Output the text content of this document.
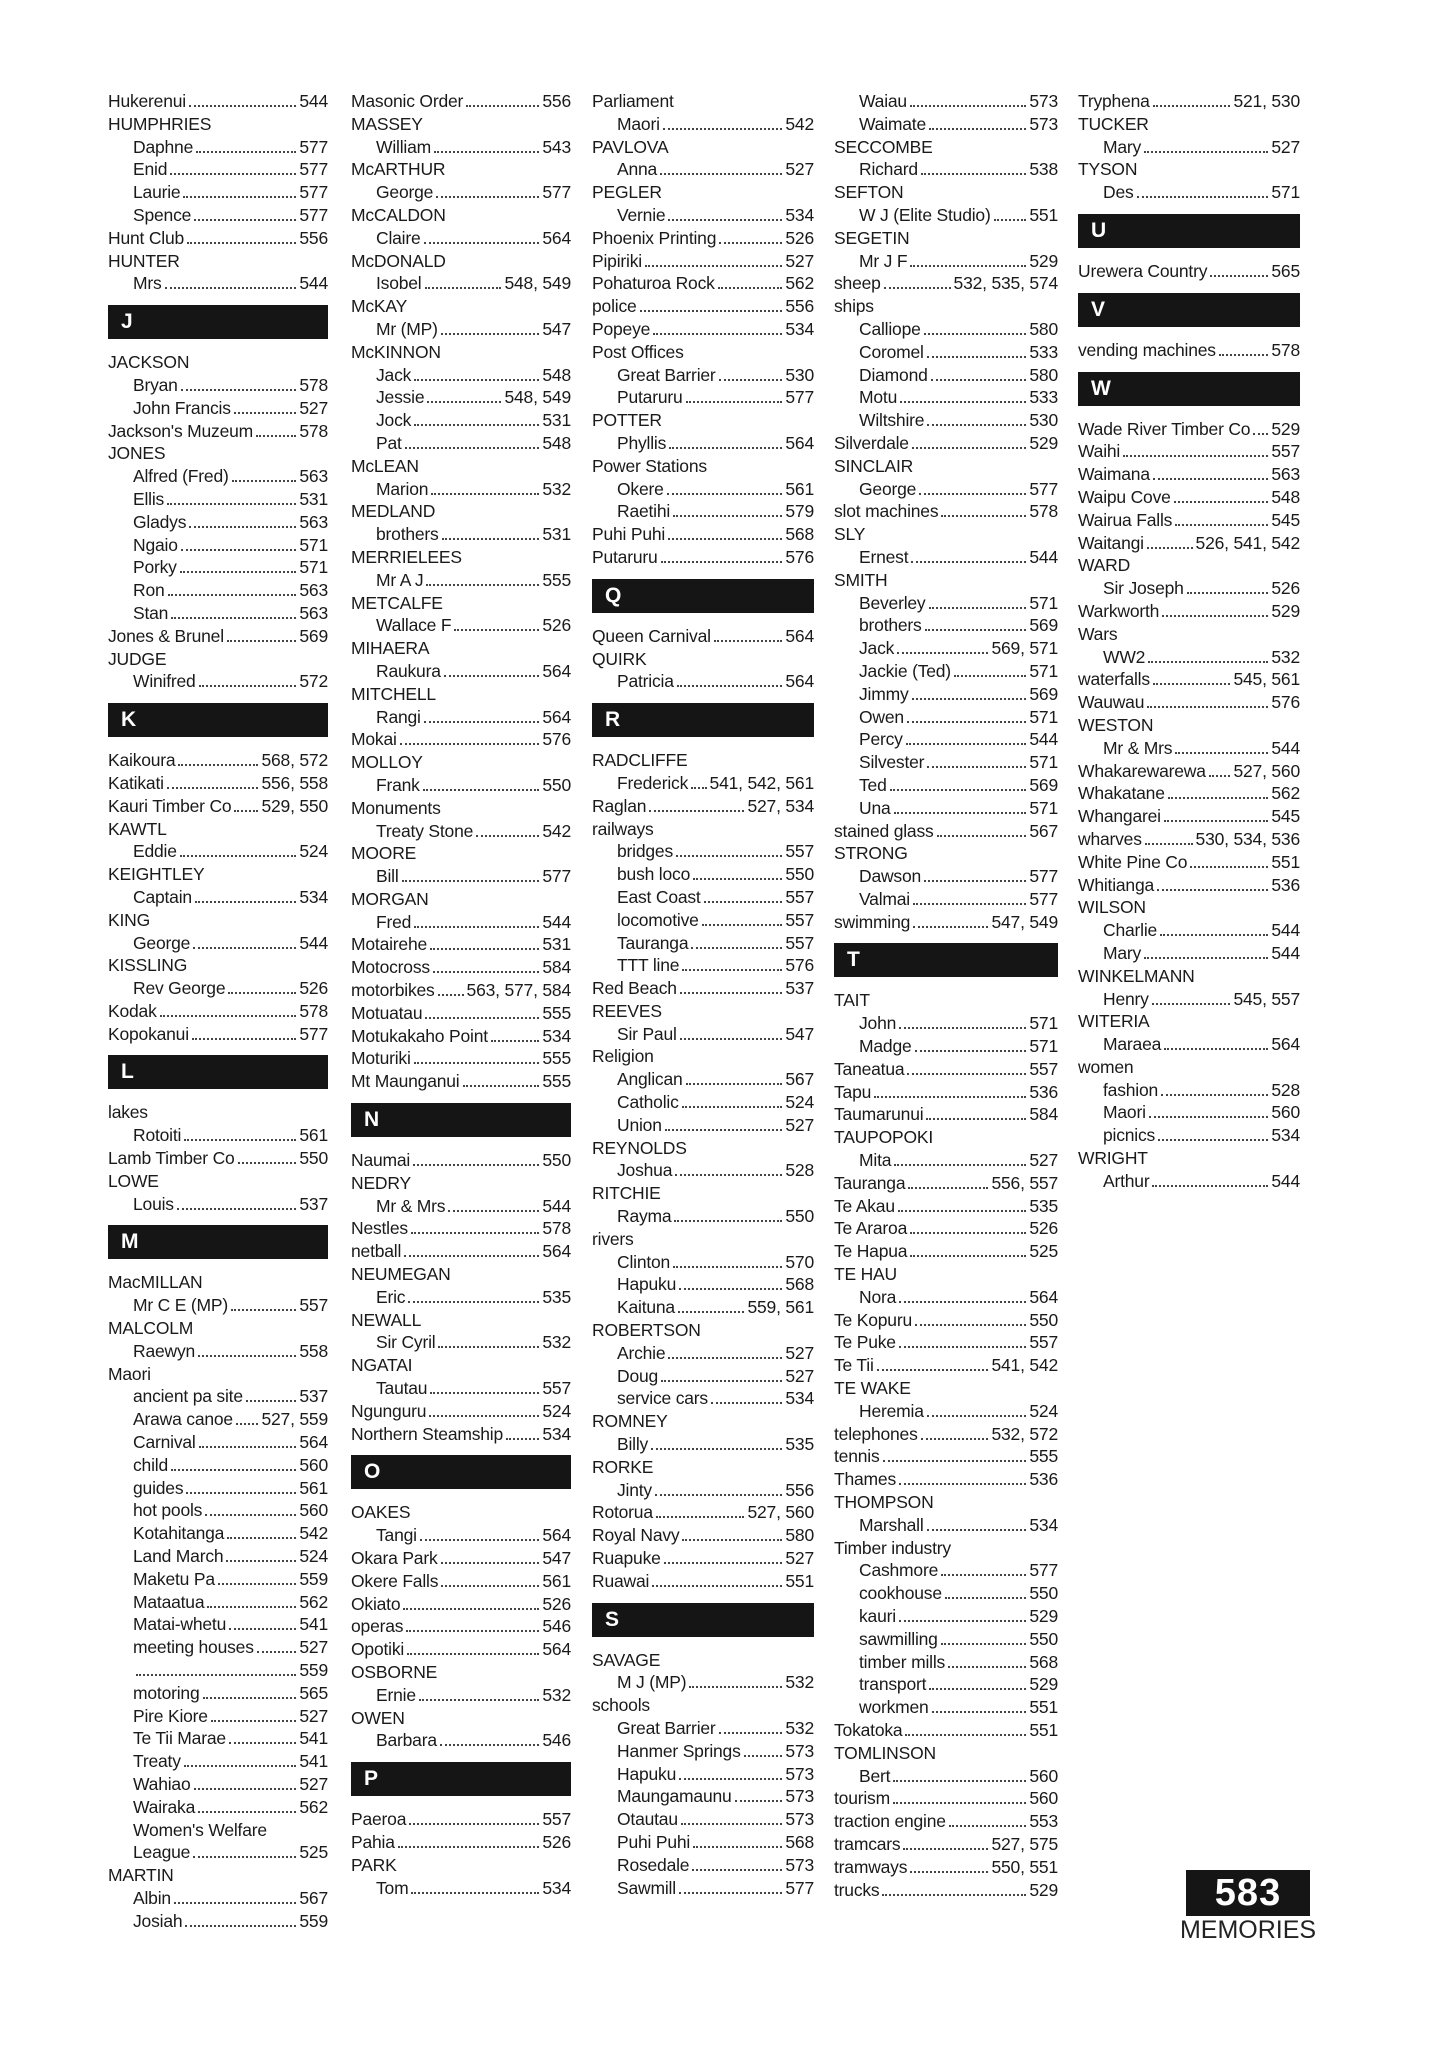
Hukerenui	544
HUMPHRIES
Daphne	577
Enid	577
Laurie	577
Spence	577
Hunt Club	556
HUNTER
Mrs	544
J
JACKSON
Bryan	578
John Francis	527
Jackson's Muzeum	578
JONES
Alfred (Fred)	563
Ellis	531
Gladys	563
Ngaio	571
Porky	571
Ron	563
Stan	563
Jones & Brunel	569
JUDGE
Winifred	572
K
Kaikoura	568, 572
Katikati	556, 558
Kauri Timber Co 529, 550
KAWTL
Eddie	524
KEIGHTLEY
Captain	534
KING
George	544
KISSLING
Rev George	526
Kodak	578
Kopokanui	577
L
lakes
Rotoiti	561
Lamb Timber Co	550
LOWE
Louis	537
M
MacMILLAN
Mr C E (MP)	557
MALCOLM
Raewyn	558
Maori
ancient pa site	537
Arawa canoe 527, 559
Carnival	564
child	560
guides	561
hot pools	560
Kotahitanga	542
Land March	524
Maketu Pa	559
Mataatua	562
Matai-whetu	541
meeting houses	527
559
motoring	565
Pire Kiore	527
Te Tii Marae	541
Treaty	541
Wahiao	527
Wairaka	562
Women's Welfare
League	525
MARTIN
Albin	567
Josiah	559
Masonic Order	556
MASSEY
William	543
McARTHUR
George	577
McCALDON
Claire	564
McDONALD
Isobel	548, 549
McKAY
Mr (MP)	547
McKINNON
Jack	548
Jessie	548, 549
Jock	531
Pat	548
McLEAN
Marion	532
MEDLAND
brothers	531
MERRIELEES
Mr A J	555
METCALFE
Wallace F	526
MIHAERA
Raukura	564
MITCHELL
Rangi	564
Mokai	576
MOLLOY
Frank	550
Monuments
Treaty Stone	542
MOORE
Bill	577
MORGAN
Fred	544
Motairehe	531
Motocross	584
motorbikes 563, 577, 584
Motuatau	555
Motukakaho Point	534
Moturiki	555
Mt Maunganui	555
N
Naumai	550
NEDRY
Mr & Mrs	544
Nestles	578
netball	564
NEUMEGAN
Eric	535
NEWALL
Sir Cyril	532
NGATAI
Tautau	557
Ngunguru	524
Northern Steamship 534
O
OAKES
Tangi	564
Okara Park	547
Okere Falls	561
Okiato	526
operas	546
Opotiki	564
OSBORNE
Ernie	532
OWEN
Barbara	546
P
Paeroa	557
Pahia	526
PARK
Tom	534
Parliament
Maori	542
PAVLOVA
Anna	527
PEGLER
Vernie	534
Phoenix Printing	526
Pipiriki	527
Pohaturoa Rock	562
police	556
Popeye	534
Post Offices
Great Barrier	530
Putaruru	577
POTTER
Phyllis	564
Power Stations
Okere	561
Raetihi	579
Puhi Puhi	568
Putaruru	576
Q
Queen Carnival	564
QUIRK
Patricia	564
R
RADCLIFFE
Frederick 541, 542, 561
Raglan	527, 534
railways
bridges	557
bush loco	550
East Coast	557
locomotive	557
Tauranga	557
TTT line	576
Red Beach	537
REEVES
Sir Paul	547
Religion
Anglican	567
Catholic	524
Union	527
REYNOLDS
Joshua	528
RITCHIE
Rayma	550
rivers
Clinton	570
Hapuku	568
Kaituna	559, 561
ROBERTSON
Archie	527
Doug	527
service cars	534
ROMNEY
Billy	535
RORKE
Jinty	556
Rotorua	527, 560
Royal Navy	580
Ruapuke	527
Ruawai	551
S
SAVAGE
M J (MP)	532
schools
Great Barrier	532
Hanmer Springs	573
Hapuku	573
Maungamaunu	573
Otautau	573
Puhi Puhi	568
Rosedale	573
Sawmill	577
Waiau	573
Waimate	573
SECCOMBE
Richard	538
SEFTON
W J (Elite Studio) 551
SEGETIN
Mr J F	529
sheep	532, 535, 574
ships
Calliope	580
Coromel	533
Diamond	580
Motu	533
Wiltshire	530
Silverdale	529
SINCLAIR
George	577
slot machines	578
SLY
Ernest	544
SMITH
Beverley	571
brothers	569
Jack	569, 571
Jackie (Ted)	571
Jimmy	569
Owen	571
Percy	544
Silvester	571
Ted	569
Una	571
stained glass	567
STRONG
Dawson	577
Valmai	577
swimming	547, 549
T
TAIT
John	571
Madge	571
Taneatua	557
Tapu	536
Taumarunui	584
TAUPOPOKI
Mita	527
Tauranga	556, 557
Te Akau	535
Te Araroa	526
Te Hapua	525
TE HAU
Nora	564
Te Kopuru	550
Te Puke	557
Te Tii	541, 542
TE WAKE
Heremia	524
telephones	532, 572
tennis	555
Thames	536
THOMPSON
Marshall	534
Timber industry
Cashmore	577
cookhouse	550
kauri	529
sawmilling	550
timber mills	568
transport	529
workmen	551
Tokatoka	551
TOMLINSON
Bert	560
tourism	560
traction engine	553
tramcars	527, 575
tramways	550, 551
trucks	529
Tryphena	521, 530
TUCKER
Mary	527
TYSON
Des	571
U
Urewera Country	565
V
vending machines	578
W
Wade River Timber Co 529
Waihi	557
Waimana	563
Waipu Cove	548
Wairua Falls	545
Waitangi	526, 541, 542
WARD
Sir Joseph	526
Warkworth	529
Wars
WW2	532
waterfalls	545, 561
Wauwau	576
WESTON
Mr & Mrs	544
Whakarewarewa 527, 560
Whakatane	562
Whangarei	545
wharves	530, 534, 536
White Pine Co	551
Whitianga	536
WILSON
Charlie	544
Mary	544
WINKELMANN
Henry	545, 557
WITERIA
Maraea	564
women
fashion	528
Maori	560
picnics	534
WRIGHT
Arthur	544
583
MEMORIES
